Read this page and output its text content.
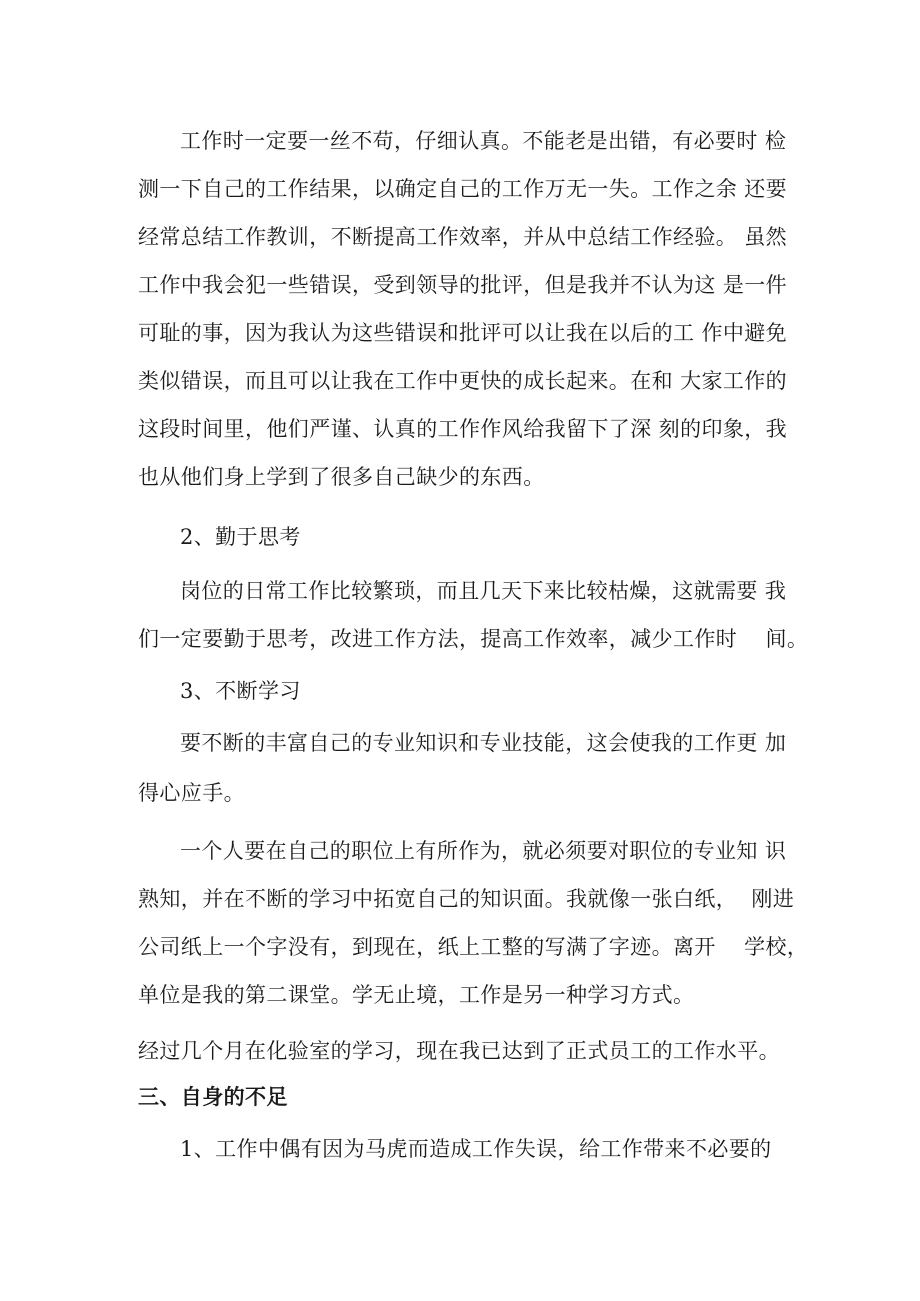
工作时一定要一丝不苟，仔细认真。不能老是出错，有必要时 检
测一下自己的工作结果，以确定自己的工作万无一失。工作之余 还要
经常总结工作教训，不断提高工作效率，并从中总结工作经验。 虽然
工作中我会犯一些错误，受到领导的批评，但是我并不认为这 是一件
可耻的事，因为我认为这些错误和批评可以让我在以后的工 作中避免
类似错误，而且可以让我在工作中更快的成长起来。在和 大家工作的
这段时间里，他们严谨、认真的工作作风给我留下了深 刻的印象，我
也从他们身上学到了很多自己缺少的东西。
2、勤于思考
岗位的日常工作比较繁琐，而且几天下来比较枯燥，这就需要 我
们一定要勤于思考，改进工作方法，提高工作效率，减少工作时    间。
3、不断学习
要不断的丰富自己的专业知识和专业技能，这会使我的工作更 加
得心应手。
一个人要在自己的职位上有所作为，就必须要对职位的专业知 识
熟知，并在不断的学习中拓宽自己的知识面。我就像一张白纸，  刚进
公司纸上一个字没有，到现在，纸上工整的写满了字迹。离开    学校，
单位是我的第二课堂。学无止境，工作是另一种学习方式。
经过几个月在化验室的学习，现在我已达到了正式员工的工作水平。
三、自身的不足
1、工作中偶有因为马虎而造成工作失误，给工作带来不必要的
